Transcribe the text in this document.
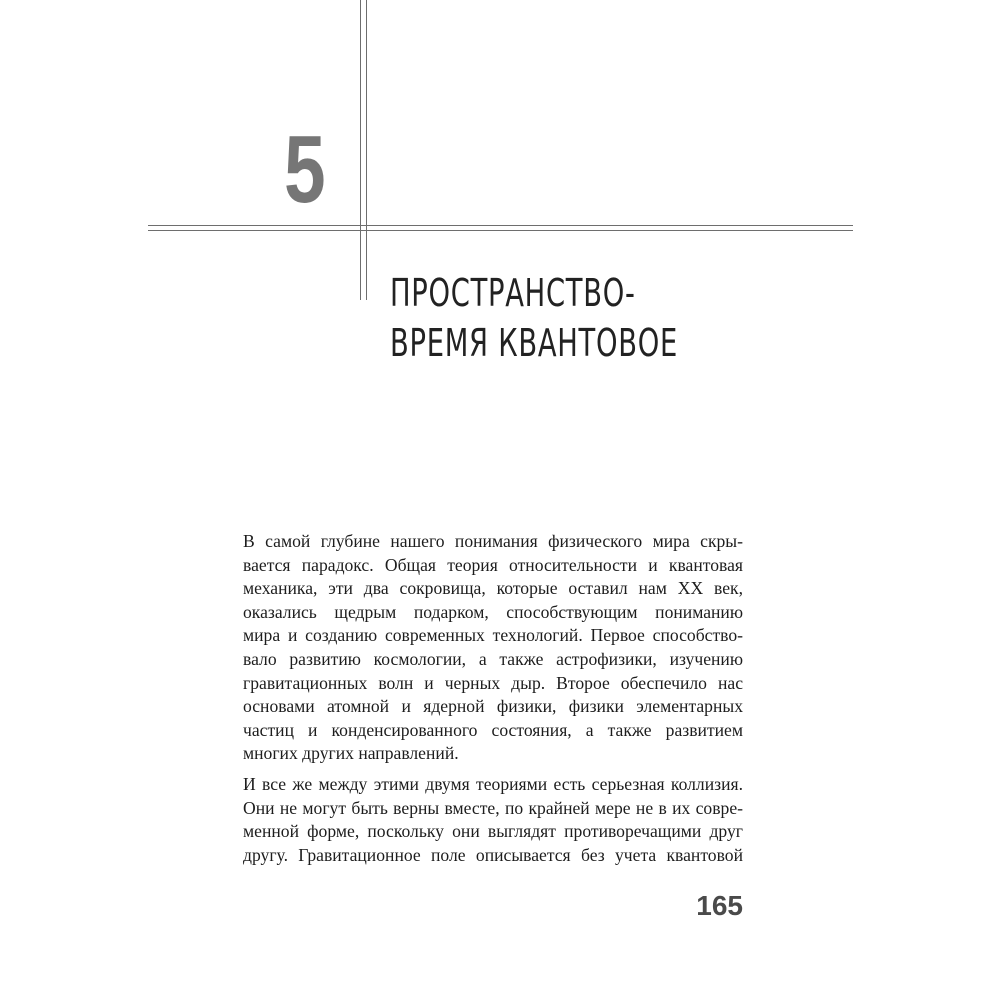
5
ПРОСТРАНСТВО-
ВРЕМЯ КВАНТОВОЕ
В самой глубине нашего понимания физического мира скры-
вается парадокс. Общая теория относительности и квантовая
механика, эти два сокровища, которые оставил нам XX век,
оказались щедрым подарком, способствующим пониманию
мира и созданию современных технологий. Первое способство-
вало развитию космологии, а также астрофизики, изучению
гравитационных волн и черных дыр. Второе обеспечило нас
основами атомной и ядерной физики, физики элементарных
частиц и конденсированного состояния, а также развитием
многих других направлений.
И все же между этими двумя теориями есть серьезная коллизия.
Они не могут быть верны вместе, по крайней мере не в их совре-
менной форме, поскольку они выглядят противоречащими друг
другу. Гравитационное поле описывается без учета квантовой
165
